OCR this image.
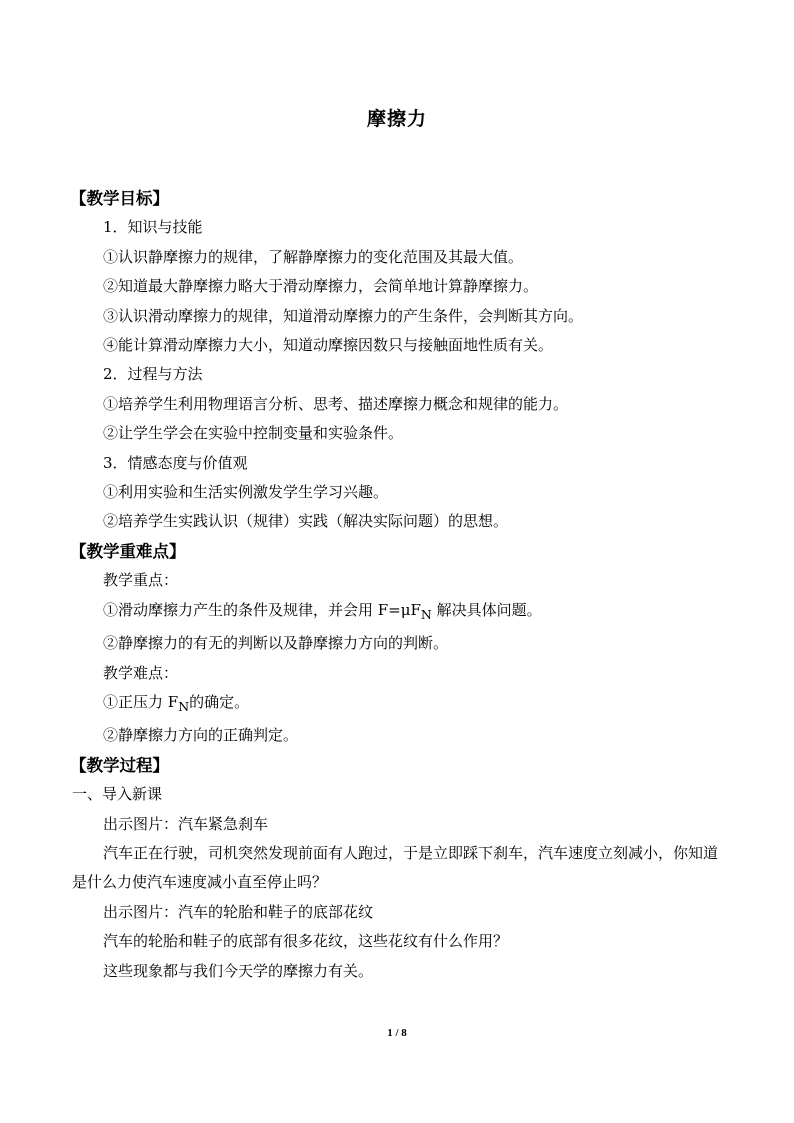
摩擦力

【教学目标】

1．知识与技能

①认识静摩擦力的规律，了解静摩擦力的变化范围及其最大值。

②知道最大静摩擦力略大于滑动摩擦力，会简单地计算静摩擦力。

③认识滑动摩擦力的规律，知道滑动摩擦力的产生条件，会判断其方向。

④能计算滑动摩擦力大小，知道动摩擦因数只与接触面地性质有关。

2．过程与方法

①培养学生利用物理语言分析、思考、描述摩擦力概念和规律的能力。

②让学生学会在实验中控制变量和实验条件。

3．情感态度与价值观

①利用实验和生活实例激发学生学习兴趣。

②培养学生实践认识（规律）实践（解决实际问题）的思想。

【教学重难点】

教学重点：

①滑动摩擦力产生的条件及规律，并会用 $F=\mu F_N$ 解决具体问题。

②静摩擦力的有无的判断以及静摩擦力方向的判断。

教学难点：

①正压力 $F_N$的确定。

②静摩擦力方向的正确判定。

【教学过程】

一、导入新课

出示图片：汽车紧急刹车

汽车正在行驶，司机突然发现前面有人跑过，于是立即踩下刹车，汽车速度立刻减小，你知道是什么力使汽车速度减小直至停止吗？

出示图片：汽车的轮胎和鞋子的底部花纹

汽车的轮胎和鞋子的底部有很多花纹，这些花纹有什么作用？

这些现象都与我们今天学的摩擦力有关。

1 / 8
